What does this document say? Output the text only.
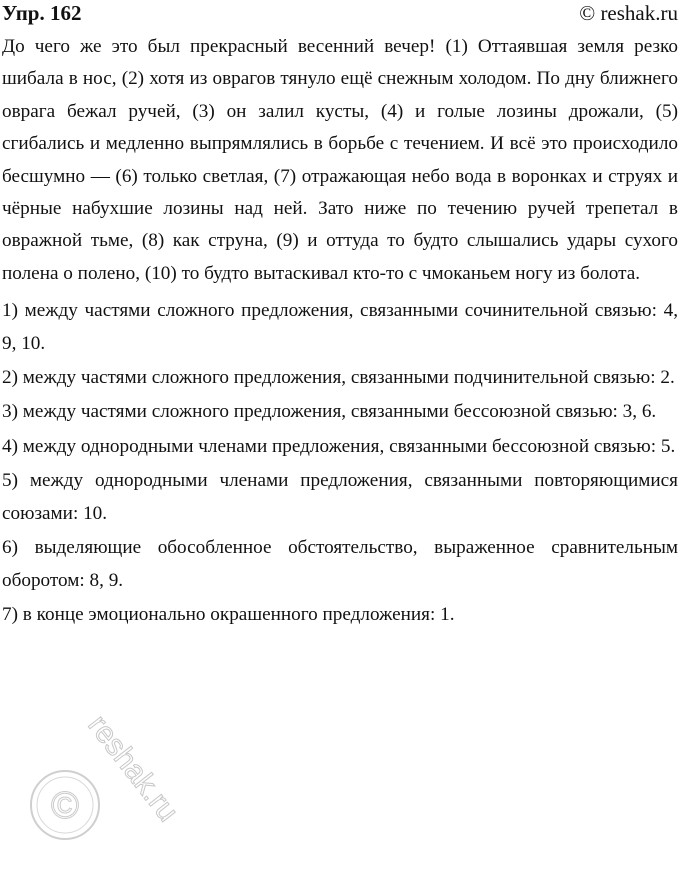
Упр. 162	© reshak.ru

До чего же это был прекрасный весенний вечер! (1) Оттаявшая земля резко шибала в нос, (2) хотя из оврагов тянуло ещё снежным холодом. По дну ближнего оврага бежал ручей, (3) он залил кусты, (4) и голые лозины дрожали, (5) сгибались и медленно выпрямлялись в борьбе с течением. И всё это происходило бесшумно — (6) только светлая, (7) отражающая небо вода в воронках и струях и чёрные набухшие лозины над ней. Зато ниже по течению ручей трепетал в овражной тьме, (8) как струна, (9) и оттуда то будто слышались удары сухого полена о полено, (10) то будто вытаскивал кто-то с чмоканьем ногу из болота.

1) между частями сложного предложения, связанными сочинительной связью: 4, 9, 10.

2) между частями сложного предложения, связанными подчинительной связью: 2.

3) между частями сложного предложения, связанными бессоюзной связью: 3, 6.

4) между однородными членами предложения, связанными бессоюзной связью: 5.

5) между однородными членами предложения, связанными повторяющимися союзами: 10.

6) выделяющие обособленное обстоятельство, выраженное сравнительным оборотом: 8, 9.

7) в конце эмоционально окрашенного предложения: 1.

© reshak.ru
